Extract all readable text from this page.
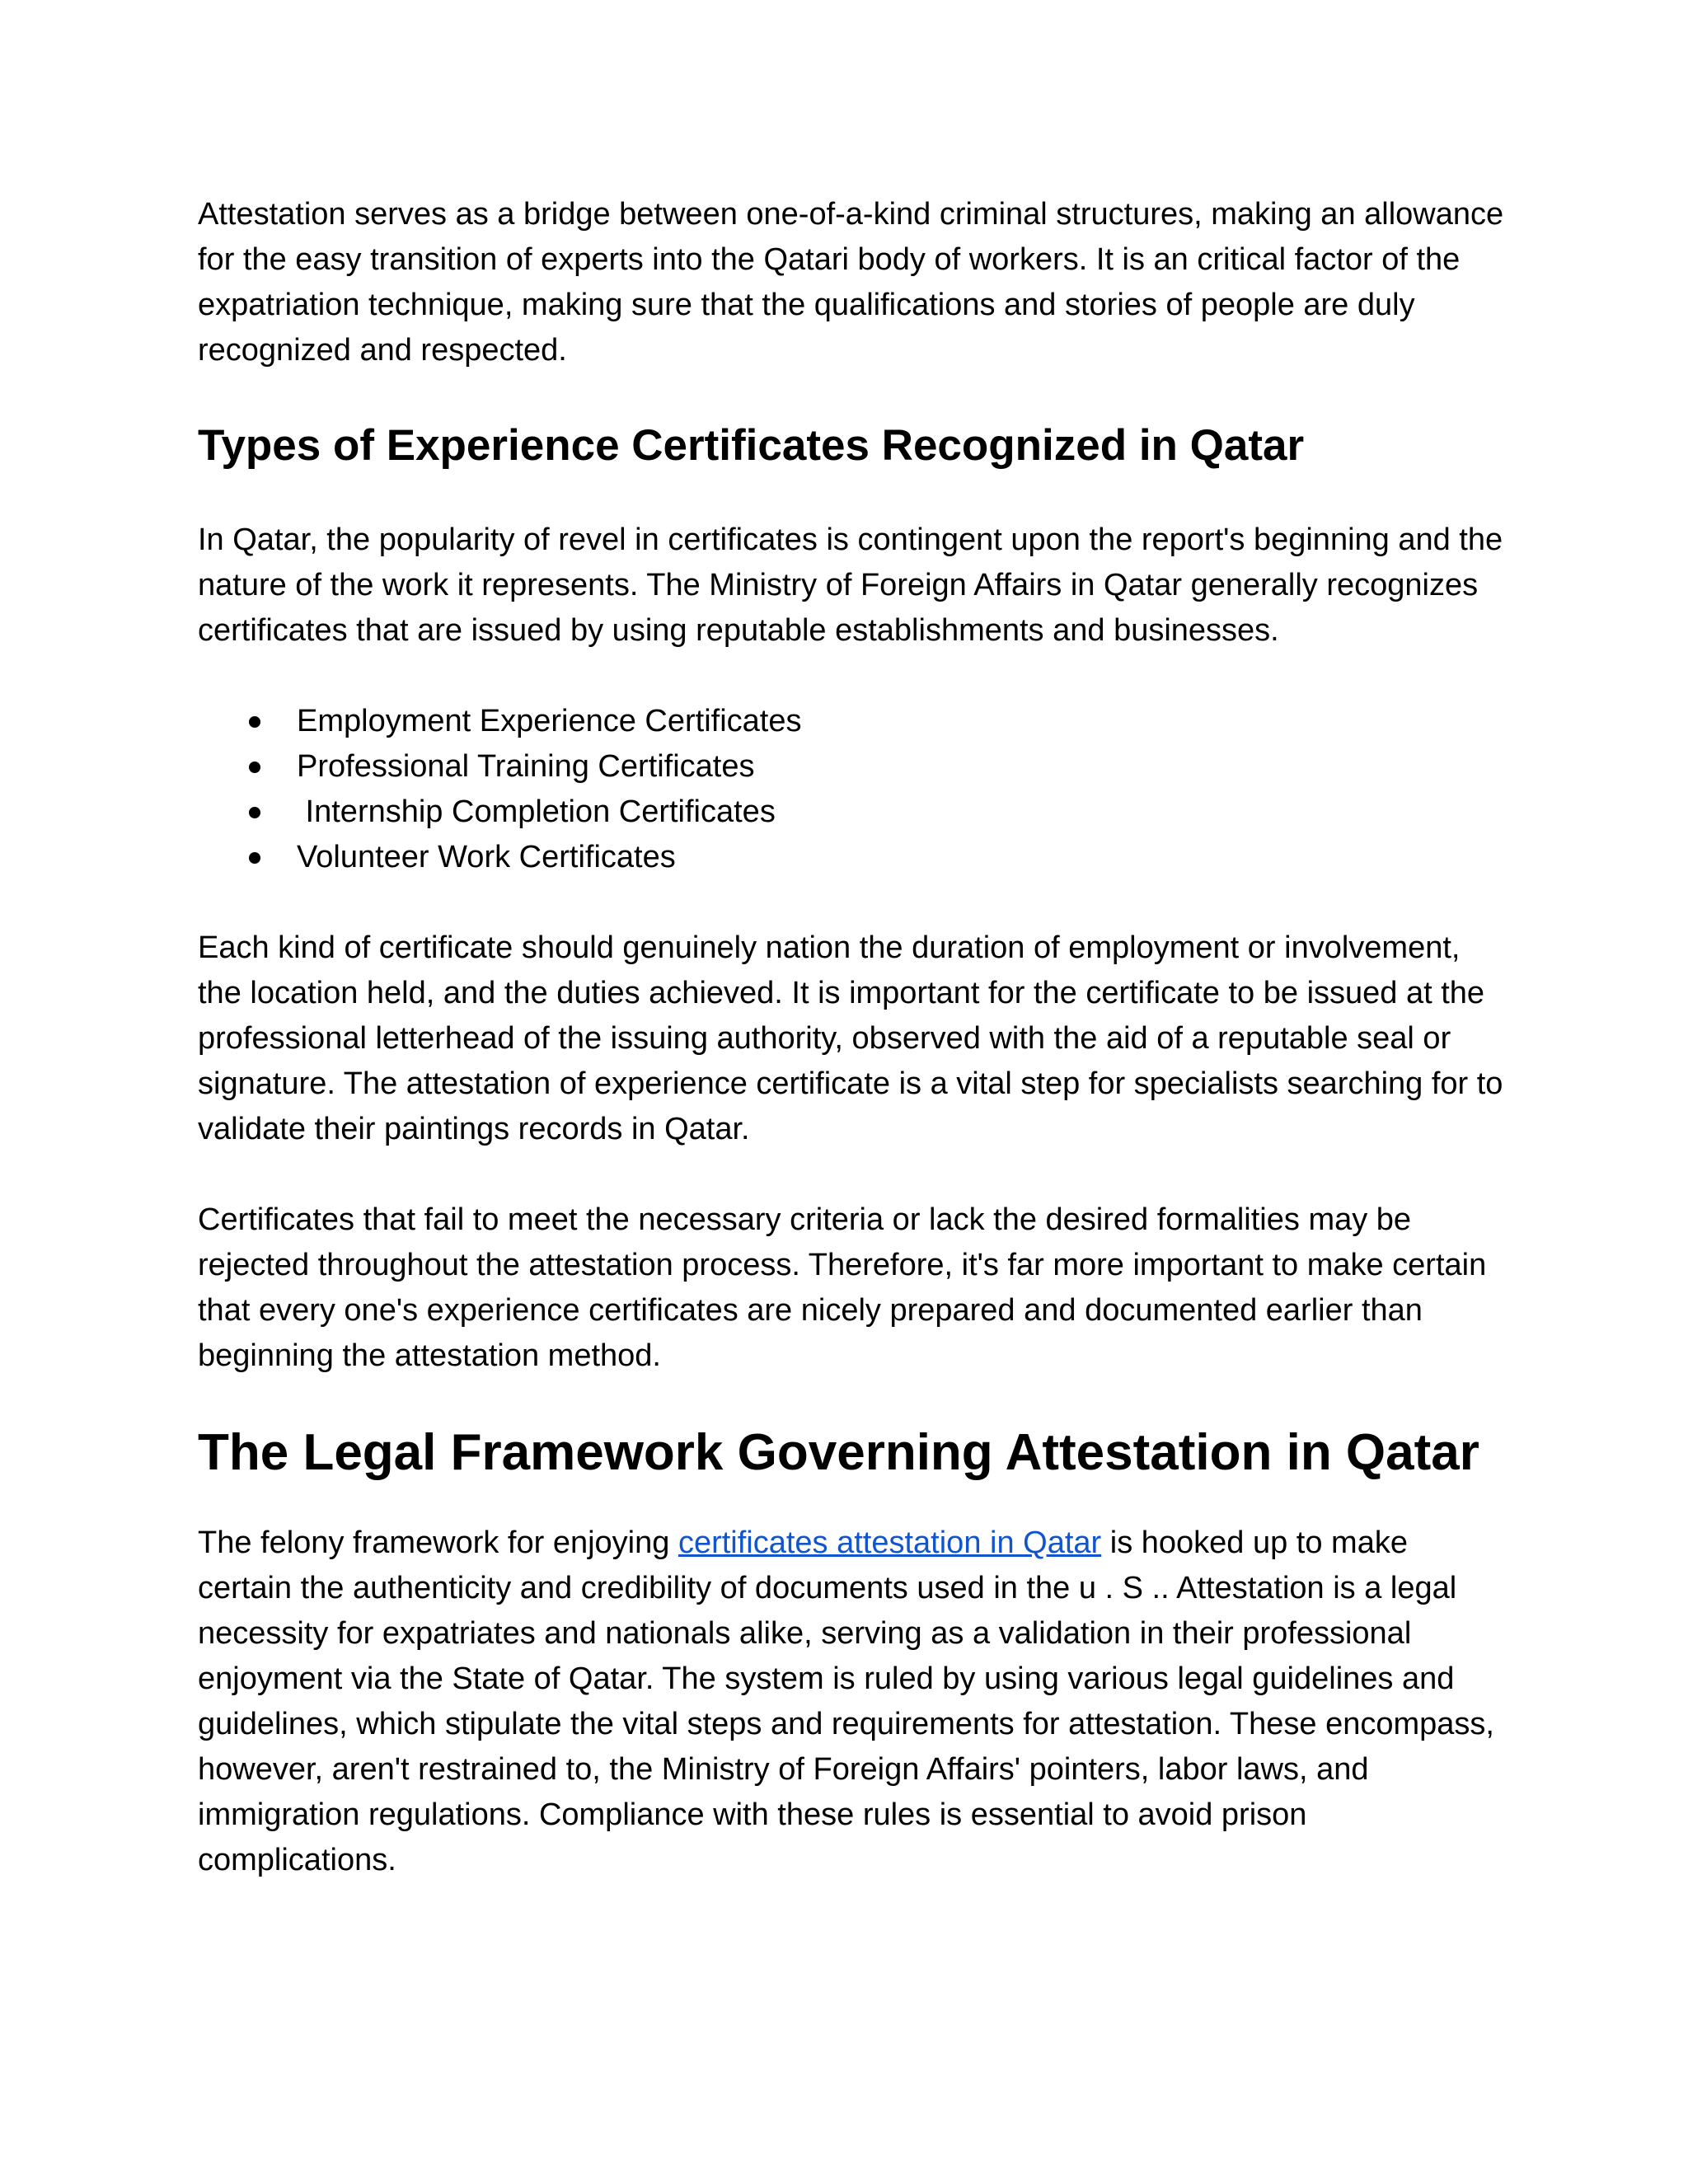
Attestation serves as a bridge between one-of-a-kind criminal structures, making an allowance for the easy transition of experts into the Qatari body of workers. It is an critical factor of the expatriation technique, making sure that the qualifications and stories of people are duly recognized and respected.

Types of Experience Certificates Recognized in Qatar

In Qatar, the popularity of revel in certificates is contingent upon the report's beginning and the nature of the work it represents. The Ministry of Foreign Affairs in Qatar generally recognizes certificates that are issued by using reputable establishments and businesses.

Employment Experience Certificates
Professional Training Certificates
Internship Completion Certificates
Volunteer Work Certificates

Each kind of certificate should genuinely nation the duration of employment or involvement, the location held, and the duties achieved. It is important for the certificate to be issued at the professional letterhead of the issuing authority, observed with the aid of a reputable seal or signature. The attestation of experience certificate is a vital step for specialists searching for to validate their paintings records in Qatar.

Certificates that fail to meet the necessary criteria or lack the desired formalities may be rejected throughout the attestation process. Therefore, it's far more important to make certain that every one's experience certificates are nicely prepared and documented earlier than beginning the attestation method.

The Legal Framework Governing Attestation in Qatar

The felony framework for enjoying certificates attestation in Qatar is hooked up to make certain the authenticity and credibility of documents used in the u . S .. Attestation is a legal necessity for expatriates and nationals alike, serving as a validation in their professional enjoyment via the State of Qatar. The system is ruled by using various legal guidelines and guidelines, which stipulate the vital steps and requirements for attestation. These encompass, however, aren't restrained to, the Ministry of Foreign Affairs' pointers, labor laws, and immigration regulations. Compliance with these rules is essential to avoid prison complications.
